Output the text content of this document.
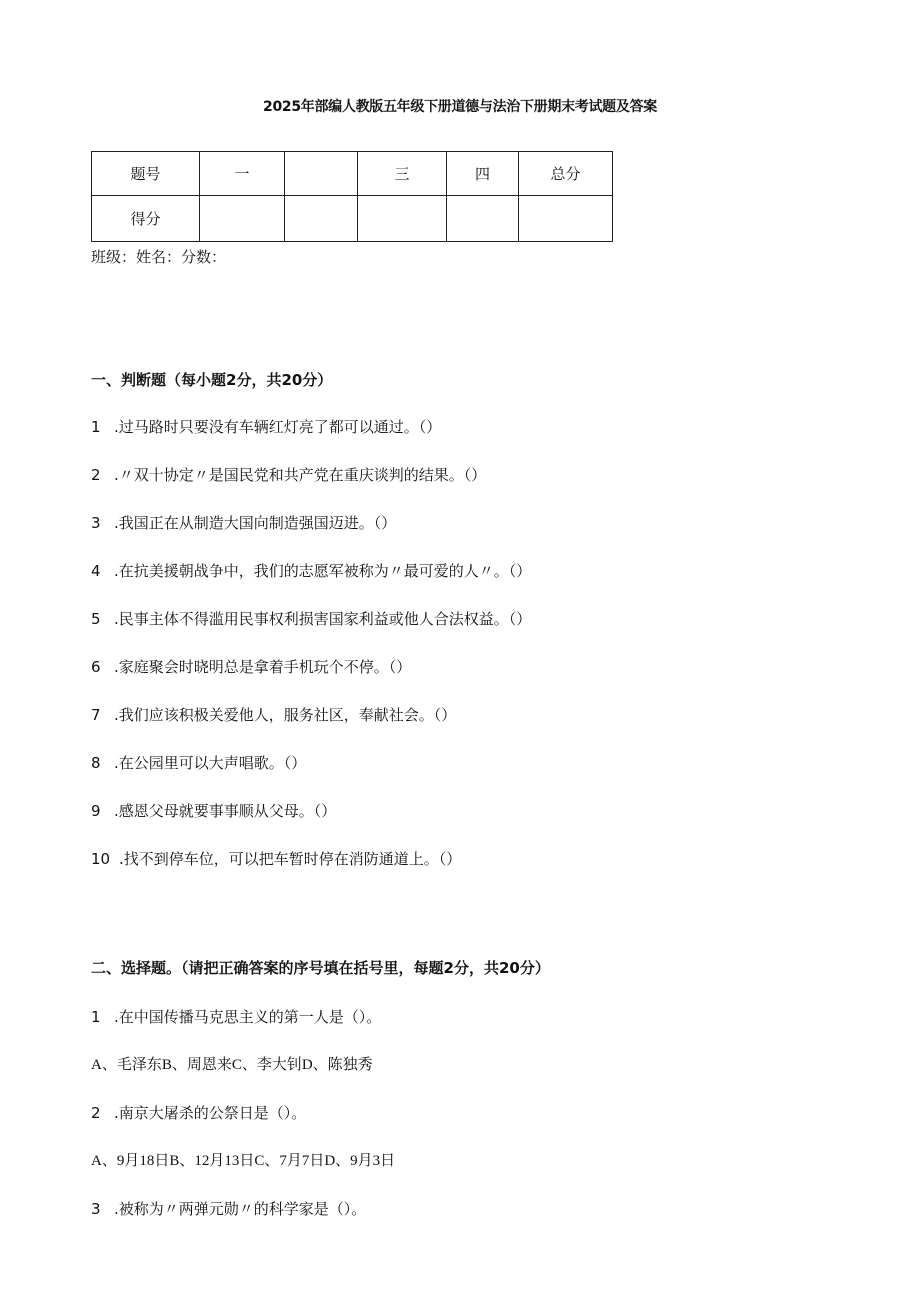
2025年部编人教版五年级下册道德与法治下册期末考试题及答案
题号	一		三	四	总分
得分					
班级：姓名：分数：
一、判断题（每小题2分，共20分）
1 .过马路时只要没有车辆红灯亮了都可以通过。（）
2 .〃双十协定〃是国民党和共产党在重庆谈判的结果。（）
3 .我国正在从制造大国向制造强国迈进。（）
4 .在抗美援朝战争中，我们的志愿军被称为〃最可爱的人〃。（）
5 .民事主体不得滥用民事权利损害国家利益或他人合法权益。（）
6 .家庭聚会时晓明总是拿着手机玩个不停。（）
7 .我们应该积极关爱他人，服务社区，奉献社会。（）
8 .在公园里可以大声唱歌。（）
9 .感恩父母就要事事顺从父母。（）
10 .找不到停车位，可以把车暂时停在消防通道上。（）
二、选择题。（请把正确答案的序号填在括号里，每题2分，共20分）
1 .在中国传播马克思主义的第一人是（）。
A、毛泽东B、周恩来C、李大钊D、陈独秀
2 .南京大屠杀的公祭日是（）。
A、9月18日B、12月13日C、7月7日D、9月3日
3 .被称为〃两弹元勋〃的科学家是（）。
